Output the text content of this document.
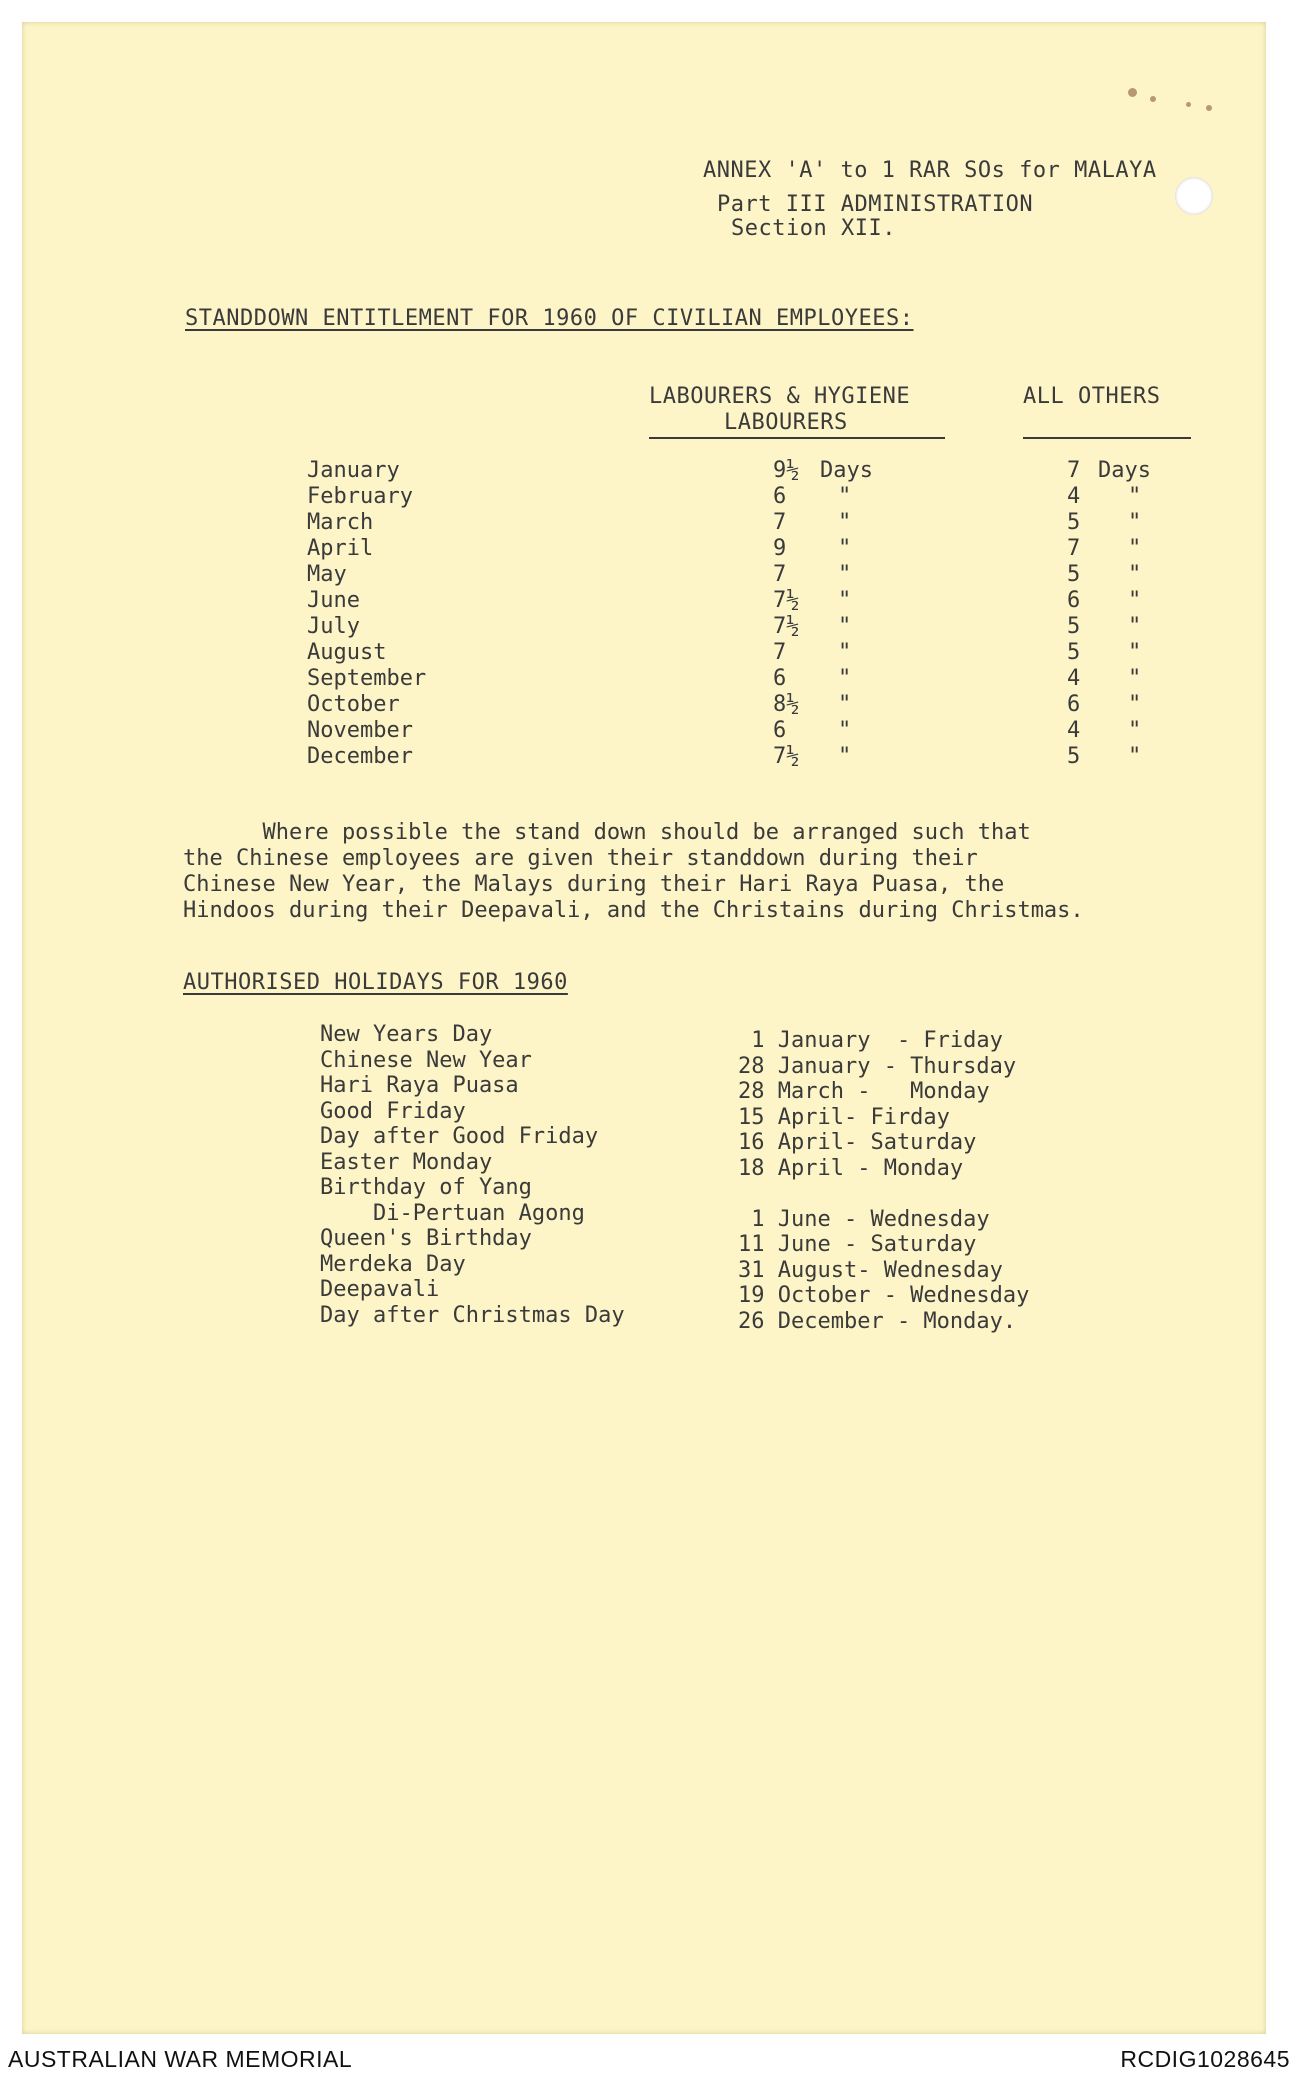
ANNEX 'A' to 1 RAR SOs for MALAYA
Part III ADMINISTRATION
Section XII.
STANDDOWN ENTITLEMENT FOR 1960 OF CIVILIAN EMPLOYEES:
LABOURERS & HYGIENE
LABOURERS
ALL OTHERS
January
February
March
April
May
June
July
August
September
October
November
December
9½
6
7
9
7
7½
7½
7
6
8½
6
7½
Days
"
"
"
"
"
"
"
"
"
"
"
7
4
5
7
5
6
5
5
4
6
4
5
Days
"
"
"
"
"
"
"
"
"
"
"

Where possible the stand down should be arranged such that

the Chinese employees are given their standdown during their

Chinese New Year, the Malays during their Hari Raya Puasa, the

Hindoos during their Deepavali, and the Christains during Christmas.

AUTHORISED HOLIDAYS FOR 1960
New Years Day
Chinese New Year
Hari Raya Puasa
Good Friday
Day after Good Friday
Easter Monday
Birthday of Yang
Di-Pertuan Agong
Queen's Birthday
Merdeka Day
Deepavali
Day after Christmas Day
1 January  - Friday
28 January - Thursday
28 March -   Monday
15 April- Firday
16 April- Saturday
18 April - Monday
1 June - Wednesday
11 June - Saturday
31 August- Wednesday
19 October - Wednesday
26 December - Monday.
AUSTRALIAN WAR MEMORIAL	RCDIG1028645
